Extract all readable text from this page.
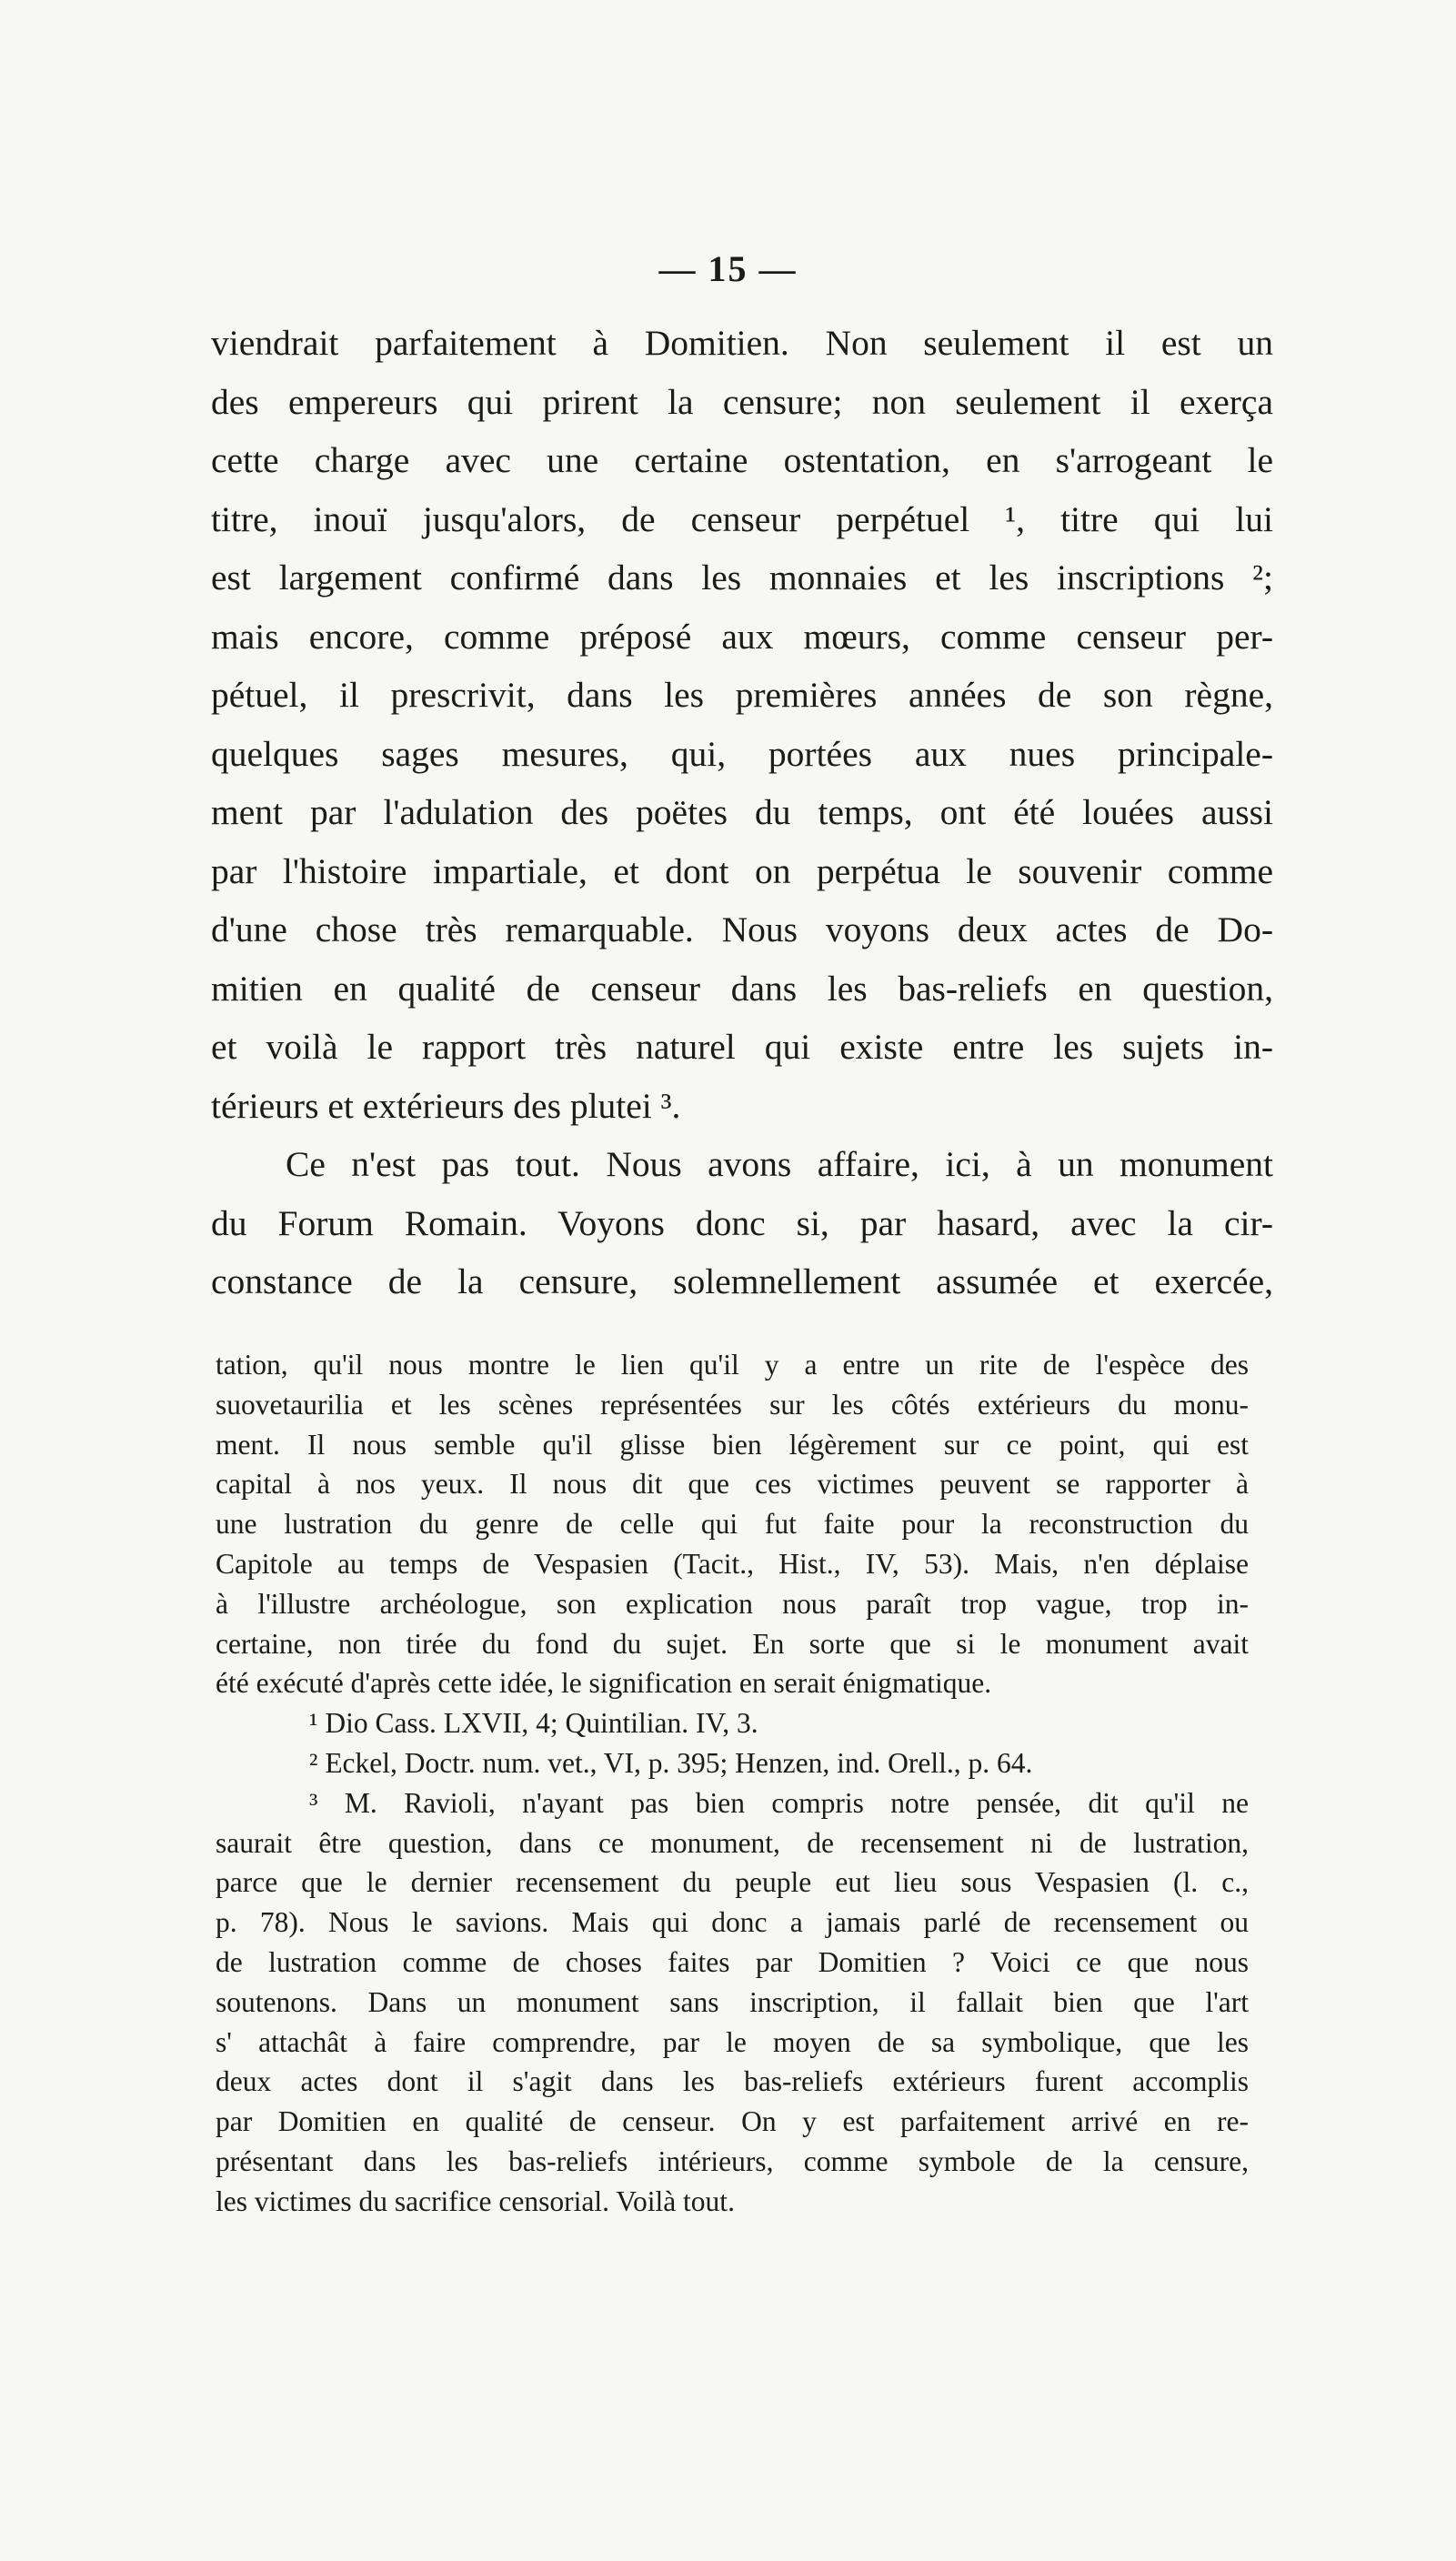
— 15 —
viendrait parfaitement à Domitien. Non seulement il est un
des empereurs qui prirent la censure; non seulement il exerça
cette charge avec une certaine ostentation, en s'arrogeant le
titre, inouï jusqu'alors, de censeur perpétuel ¹, titre qui lui
est largement confirmé dans les monnaies et les inscriptions ²;
mais encore, comme préposé aux mœurs, comme censeur per-
pétuel, il prescrivit, dans les premières années de son règne,
quelques sages mesures, qui, portées aux nues principale-
ment par l'adulation des poëtes du temps, ont été louées aussi
par l'histoire impartiale, et dont on perpétua le souvenir comme
d'une chose très remarquable. Nous voyons deux actes de Do-
mitien en qualité de censeur dans les bas-reliefs en question,
et voilà le rapport très naturel qui existe entre les sujets in-
térieurs et extérieurs des plutei ³.
Ce n'est pas tout. Nous avons affaire, ici, à un monument
du Forum Romain. Voyons donc si, par hasard, avec la cir-
constance de la censure, solemnellement assumée et exercée,
tation, qu'il nous montre le lien qu'il y a entre un rite de l'espèce des
suovetaurilia et les scènes représentées sur les côtés extérieurs du monu-
ment. Il nous semble qu'il glisse bien légèrement sur ce point, qui est
capital à nos yeux. Il nous dit que ces victimes peuvent se rapporter à
une lustration du genre de celle qui fut faite pour la reconstruction du
Capitole au temps de Vespasien (Tacit., Hist., IV, 53). Mais, n'en déplaise
à l'illustre archéologue, son explication nous paraît trop vague, trop in-
certaine, non tirée du fond du sujet. En sorte que si le monument avait
été exécuté d'après cette idée, le signification en serait énigmatique.
¹ Dio Cass. LXVII, 4; Quintilian. IV, 3.
² Eckel, Doctr. num. vet., VI, p. 395; Henzen, ind. Orell., p. 64.
³ M. Ravioli, n'ayant pas bien compris notre pensée, dit qu'il ne
saurait être question, dans ce monument, de recensement ni de lustration,
parce que le dernier recensement du peuple eut lieu sous Vespasien (l. c.,
p. 78). Nous le savions. Mais qui donc a jamais parlé de recensement ou
de lustration comme de choses faites par Domitien ? Voici ce que nous
soutenons. Dans un monument sans inscription, il fallait bien que l'art
s' attachât à faire comprendre, par le moyen de sa symbolique, que les
deux actes dont il s'agit dans les bas-reliefs extérieurs furent accomplis
par Domitien en qualité de censeur. On y est parfaitement arrivé en re-
présentant dans les bas-reliefs intérieurs, comme symbole de la censure,
les victimes du sacrifice censorial. Voilà tout.
